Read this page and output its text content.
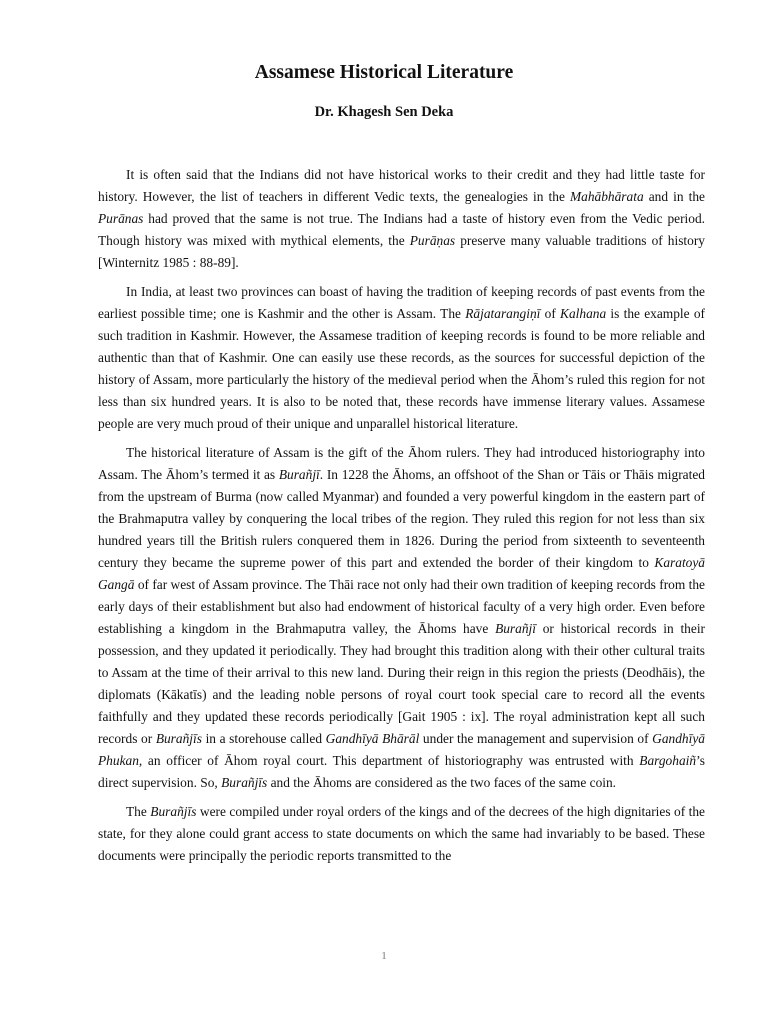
Assamese Historical Literature
Dr. Khagesh Sen Deka

It is often said that the Indians did not have historical works to their credit and they had little taste for history. However, the list of teachers in different Vedic texts, the genealogies in the Mahābhārata and in the Purānas had proved that the same is not true. The Indians had a taste of history even from the Vedic period. Though history was mixed with mythical elements, the Purāṇas preserve many valuable traditions of history [Winternitz 1985 : 88-89].

In India, at least two provinces can boast of having the tradition of keeping records of past events from the earliest possible time; one is Kashmir and the other is Assam. The Rājatarangiṇī of Kalhana is the example of such tradition in Kashmir. However, the Assamese tradition of keeping records is found to be more reliable and authentic than that of Kashmir. One can easily use these records, as the sources for successful depiction of the history of Assam, more particularly the history of the medieval period when the Āhom’s ruled this region for not less than six hundred years. It is also to be noted that, these records have immense literary values. Assamese people are very much proud of their unique and unparallel historical literature.

The historical literature of Assam is the gift of the Āhom rulers. They had introduced historiography into Assam. The Āhom’s termed it as Burañjī. In 1228 the Āhoms, an offshoot of the Shan or Tāis or Thāis migrated from the upstream of Burma (now called Myanmar) and founded a very powerful kingdom in the eastern part of the Brahmaputra valley by conquering the local tribes of the region. They ruled this region for not less than six hundred years till the British rulers conquered them in 1826. During the period from sixteenth to seventeenth century they became the supreme power of this part and extended the border of their kingdom to Karatoyā Gangā of far west of Assam province. The Thāi race not only had their own tradition of keeping records from the early days of their establishment but also had endowment of historical faculty of a very high order. Even before establishing a kingdom in the Brahmaputra valley, the Āhoms have Burañjī or historical records in their possession, and they updated it periodically. They had brought this tradition along with their other cultural traits to Assam at the time of their arrival to this new land. During their reign in this region the priests (Deodhāis), the diplomats (Kākatīs) and the leading noble persons of royal court took special care to record all the events faithfully and they updated these records periodically [Gait 1905 : ix]. The royal administration kept all such records or Burañjīs in a storehouse called Gandhīyā Bhārāl under the management and supervision of Gandhīyā Phukan, an officer of Āhom royal court. This department of historiography was entrusted with Bargohaiñ’s direct supervision. So, Burañjīs and the Āhoms are considered as the two faces of the same coin.

The Burañjīs were compiled under royal orders of the kings and of the decrees of the high dignitaries of the state, for they alone could grant access to state documents on which the same had invariably to be based. These documents were principally the periodic reports transmitted to the

1
